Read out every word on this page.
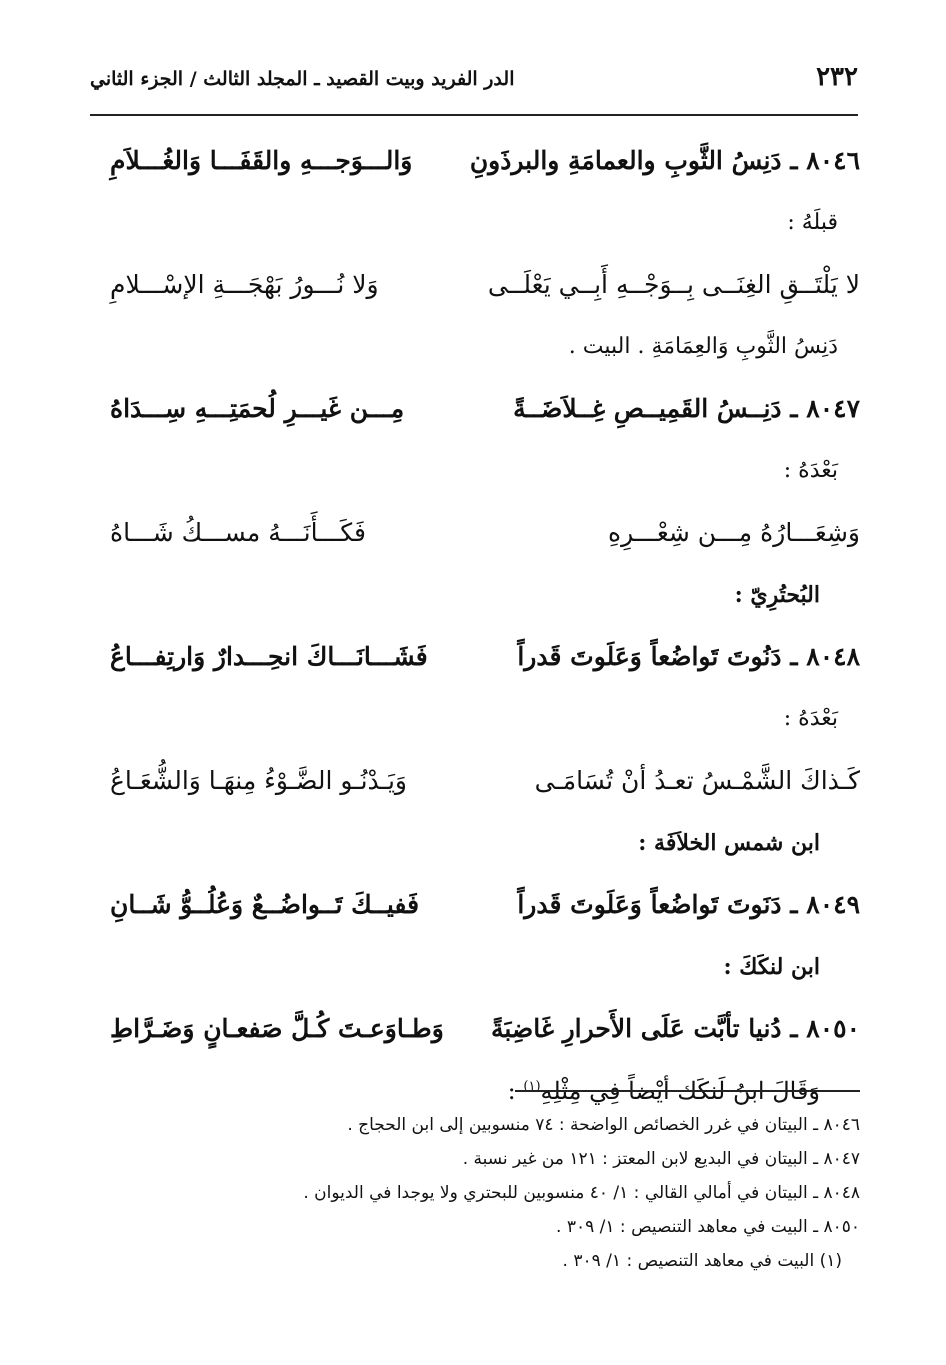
٢٣٢
الدر الفريد وبيت القصيد ـ المجلد الثالث / الجزء الثاني
٨٠٤٦ ـ دَنِسُ الثَّوبِ والعمامَةِ والبرذَونِ
وَالـــوَجـــهِ والقَفَـــا وَالغُـــلاَمِ
قبلَهُ :
لا يَلْتَــقِ الغِنَــى بِــوَجْــهِ أَبِــي يَعْلَــى
وَلا نُـــورُ بَهْجَـــةِ الإسْـــلامِ
دَنِسُ الثَّوبِ وَالعِمَامَةِ . البيت .
٨٠٤٧ ـ دَنِــسُ القَمِيــصِ غِــلاَضَــةً
مِـــن غَيـــرِ لُحمَتِـــهِ سِـــدَاهُ
بَعْدَهُ :
وَشِعَـــارُهُ مِـــن شِعْـــرِهِ
فَكَـــأَنَـــهُ مســـكُ شَـــاهُ
البُحتُرِيّ :
٨٠٤٨ ـ دَنُوتَ تَواضُعاً وَعَلَوتَ قَدراً
فَشَـــانَـــاكَ انحِـــدارٌ وَارتِفـــاعُ
بَعْدَهُ :
كَـذاكَ الشَّمْـسُ تعـدُ أنْ تُسَامَـى
وَيَـدْنُـو الضَّـوْءُ مِنهَـا وَالشُّعَـاعُ
ابن شمس الخلاَفَة :
٨٠٤٩ ـ دَنَوتَ تَواضُعاً وَعَلَوتَ قَدراً
فَفيــكَ تَــواضُــعٌ وَعُلُــوُّ شَــانِ
ابن لنكَكَ :
٨٠٥٠ ـ دُنيا تأبَّت عَلَى الأَحرارِ غَاضِبَةً
وَطـاوَعـتَ كُـلَّ صَفعـانٍ وَضَـرَّاطِ
وَقَالَ ابنُ لَنكَك أيْضاً فِي مِثْلِهِ$^{(١)}$ :
٨٠٤٦ ـ البيتان في غرر الخصائص الواضحة : ٧٤ منسوبين إلى ابن الحجاج .
٨٠٤٧ ـ البيتان في البديع لابن المعتز : ١٢١ من غير نسبة .
٨٠٤٨ ـ البيتان في أمالي القالي : ١/ ٤٠ منسوبين للبحتري ولا يوجدا في الديوان .
٨٠٥٠ ـ البيت في معاهد التنصيص : ١/ ٣٠٩ .
(١) البيت في معاهد التنصيص : ١/ ٣٠٩ .
